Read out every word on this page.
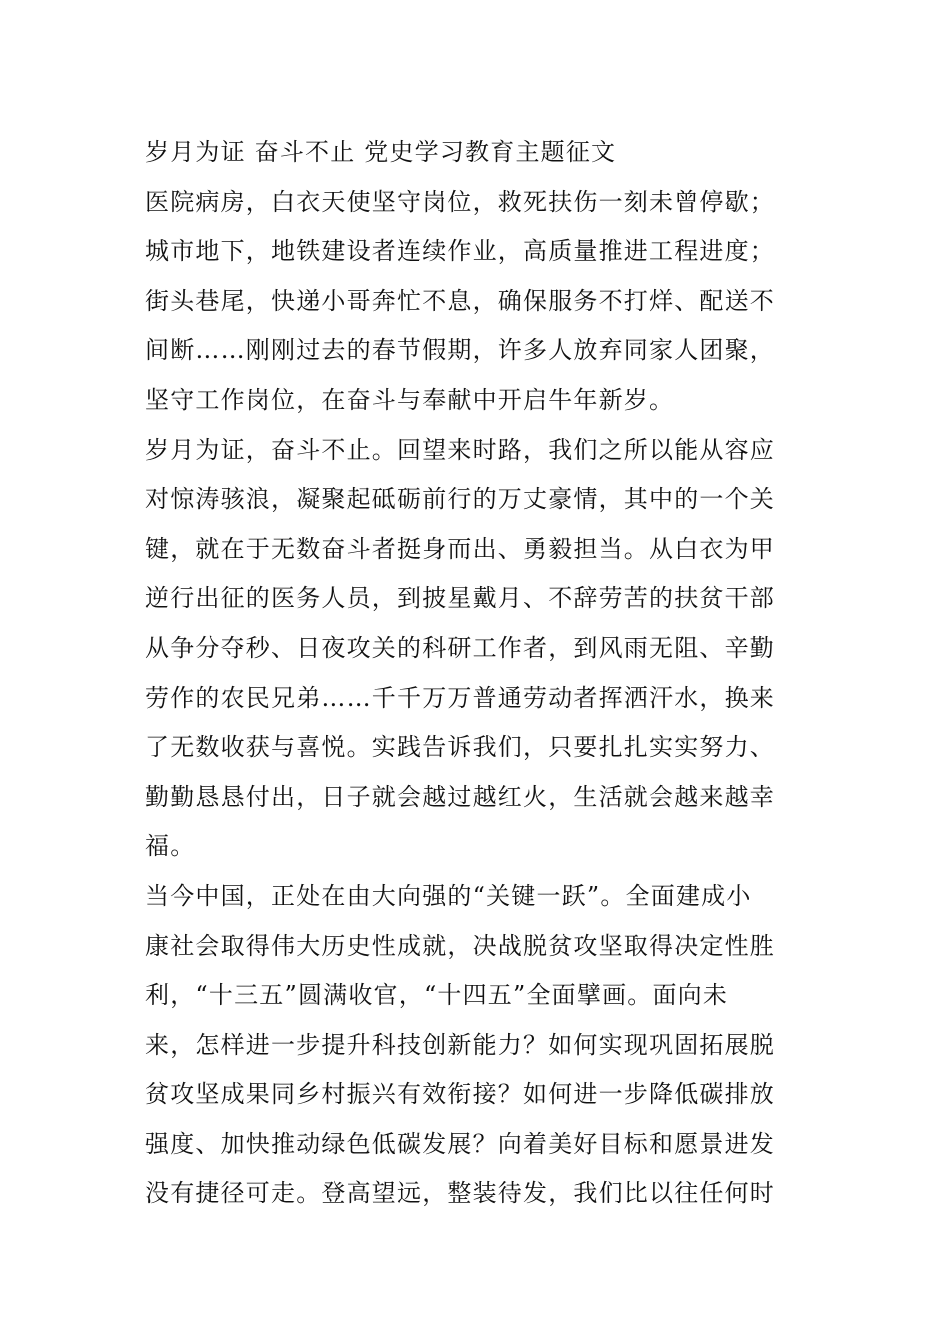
岁月为证 奋斗不止 党史学习教育主题征文
医院病房，白衣天使坚守岗位，救死扶伤一刻未曾停歇；
城市地下，地铁建设者连续作业，高质量推进工程进度；
街头巷尾，快递小哥奔忙不息，确保服务不打烊、配送不
间断……刚刚过去的春节假期，许多人放弃同家人团聚，
坚守工作岗位，在奋斗与奉献中开启牛年新岁。
岁月为证，奋斗不止。回望来时路，我们之所以能从容应
对惊涛骇浪，凝聚起砥砺前行的万丈豪情，其中的一个关
键，就在于无数奋斗者挺身而出、勇毅担当。从白衣为甲
逆行出征的医务人员，到披星戴月、不辞劳苦的扶贫干部
从争分夺秒、日夜攻关的科研工作者，到风雨无阻、辛勤
劳作的农民兄弟……千千万万普通劳动者挥洒汗水，换来
了无数收获与喜悦。实践告诉我们，只要扎扎实实努力、
勤勤恳恳付出，日子就会越过越红火，生活就会越来越幸
福。
当今中国，正处在由大向强的“关键一跃”。全面建成小
康社会取得伟大历史性成就，决战脱贫攻坚取得决定性胜
利，“十三五”圆满收官，“十四五”全面擘画。面向未
来，怎样进一步提升科技创新能力？如何实现巩固拓展脱
贫攻坚成果同乡村振兴有效衔接？如何进一步降低碳排放
强度、加快推动绿色低碳发展？向着美好目标和愿景进发
没有捷径可走。登高望远，整装待发，我们比以往任何时
